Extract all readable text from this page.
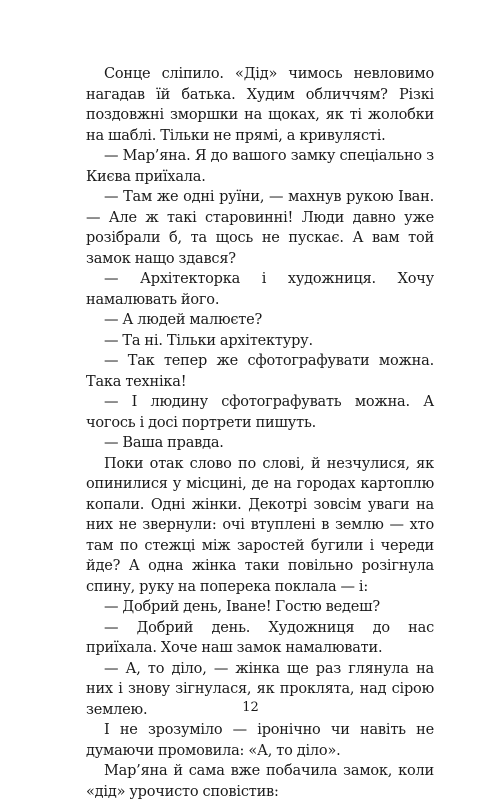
Сонце сліпило. «Дід» чимось невловимо нагадав їй батька. Худим обличчям? Різкі поздовжні зморшки на щоках, як ті жолобки на шаблі. Тільки не прямі, а кривулясті.

— Мар’яна. Я до вашого замку спеціально з Києва приїхала.

— Там же одні руїни, — махнув рукою Іван. — Але ж такі старовинні! Люди давно уже розібрали б, та щось не пускає. А вам той замок нащо здався?

— Архітекторка і художниця. Хочу намалювать його.

— А людей малюєте?

— Та ні. Тільки архітектуру.

— Так тепер же сфотографувати можна. Така техніка!

— І людину сфотографувать можна. А чогось і досі портрети пишуть.

— Ваша правда.

Поки отак слово по слові, й незчулися, як опинилися у місцині, де на городах картоплю копали. Одні жінки. Декотрі зовсім уваги на них не звернули: очі втуплені в землю — хто там по стежці між заростей бугили і череди йде? А одна жінка таки повільно розігнула спину, руку на поперека поклала — і:

— Добрий день, Іване! Гостю ведеш?

— Добрий день. Художниця до нас приїхала. Хоче наш замок намалювати.

— А, то діло, — жінка ще раз глянула на них і знову зігнулася, як проклята, над сірою землею.

I не зрозуміло — іронічно чи навіть не думаючи промовила: «А, то діло».

Мар’яна й сама вже побачила замок, коли «дід» урочисто сповістив:

12
